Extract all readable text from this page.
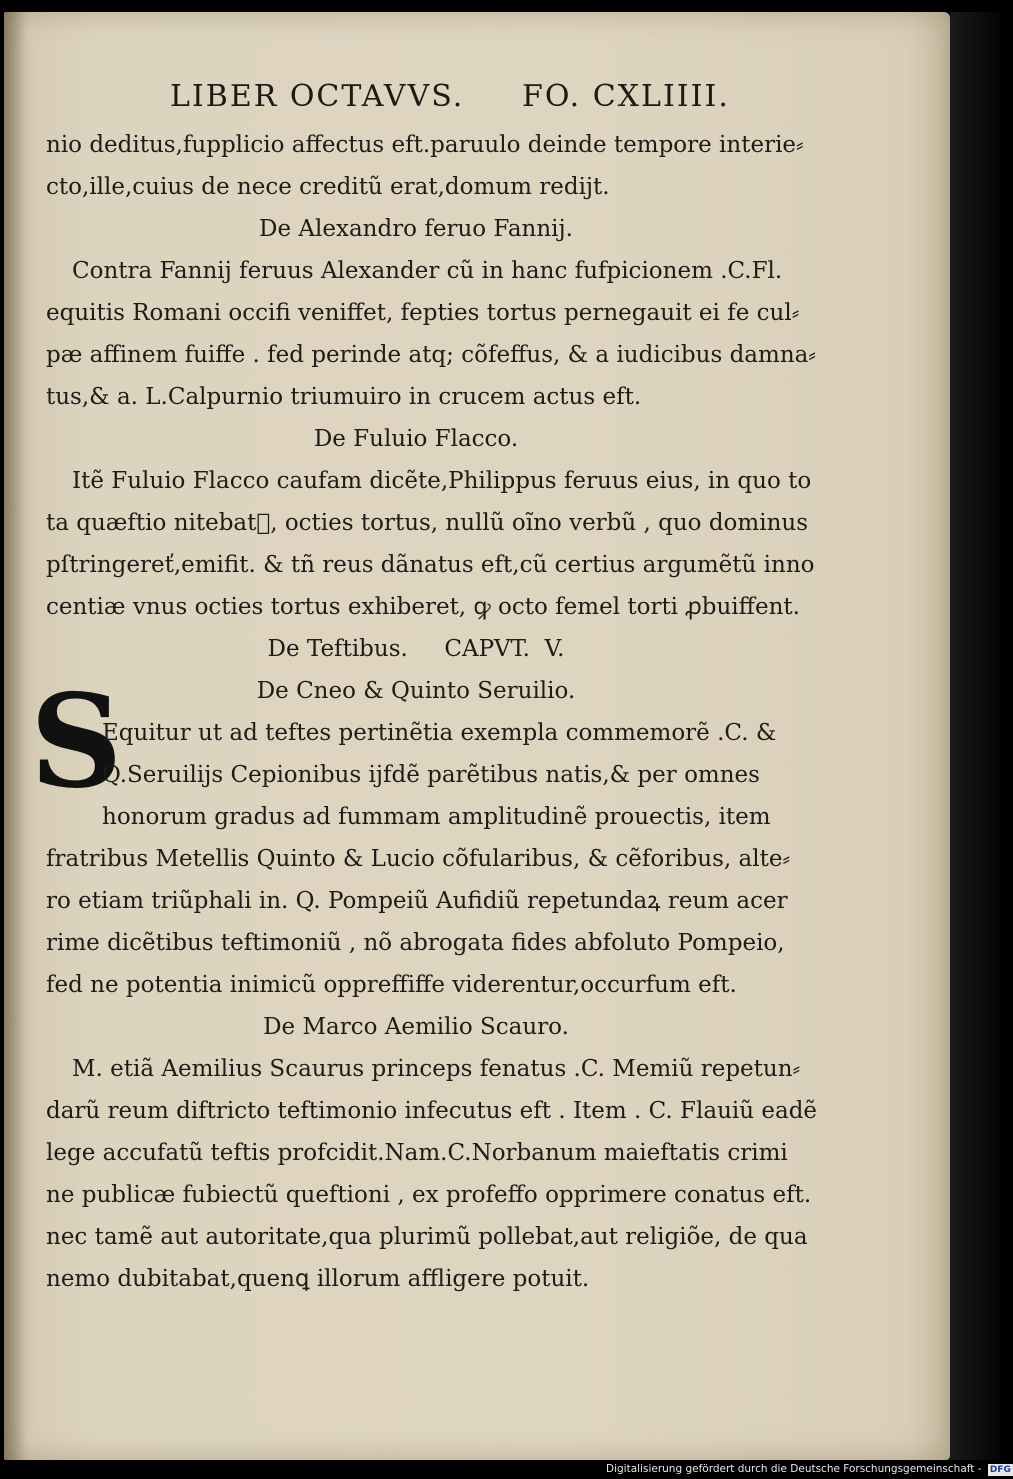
LIBER OCTAVVS. FO. CXLIIII.
S
nio deditus,fupplicio affectus eft.paruulo deinde tempore interie⸗
cto,ille,cuius de nece creditũ erat,domum redijt.
De Alexandro feruo Fannij.
Contra Fannij feruus Alexander cũ in hanc fufpicionem .C.Fl.
equitis Romani occifi veniffet, fepties tortus pernegauit ei fe cul⸗
pæ affinem fuiffe . fed perinde atq; cõfeffus, & a iudicibus damna⸗
tus,& a. L.Calpurnio triumuiro in crucem actus eft.
De Fuluio Flacco.
Itẽ Fuluio Flacco caufam dicẽte,Philippus feruus eius, in quo to
ta quæftio nitebatᷣ, octies tortus, nullũ oĩno verbũ , quo dominus
pſtringereť,emifit. & tñ reus dãnatus eft,cũ certius argumẽtũ inno
centiæ vnus octies tortus exhiberet, ꝙ octo femel torti ꝓbuiffent.
De Teftibus.     CAPVT.  V.
De Cneo & Quinto Seruilio.
Equitur ut ad teftes pertinẽtia exempla commemorẽ .C. &
Q.Seruilijs Cepionibus ijfdẽ parẽtibus natis,& per omnes
honorum gradus ad fummam amplitudinẽ prouectis, item
fratribus Metellis Quinto & Lucio cõfularibus, & cẽforibus, alte⸗
ro etiam triũphali in. Q. Pompeiũ Aufidiũ repetundaꝝ reum acer
rime dicẽtibus teftimoniũ , nõ abrogata fides abfoluto Pompeio,
fed ne potentia inimicũ oppreffiffe viderentur,occurfum eft.
De Marco Aemilio Scauro.
M. etiã Aemilius Scaurus princeps fenatus .C. Memiũ repetun⸗
darũ reum diftricto teftimonio infecutus eft . Item . C. Flauiũ eadẽ
lege accufatũ teftis profcidit.Nam.C.Norbanum maieftatis crimi
ne publicæ fubiectũ queftioni , ex profeffo opprimere conatus eft.
nec tamẽ aut autoritate,qua plurimũ pollebat,aut religiõe, de qua
nemo dubitabat,quenꝗ illorum affligere potuit.
Digitalisierung gefördert durch die Deutsche Forschungsgemeinschaft - DFG
